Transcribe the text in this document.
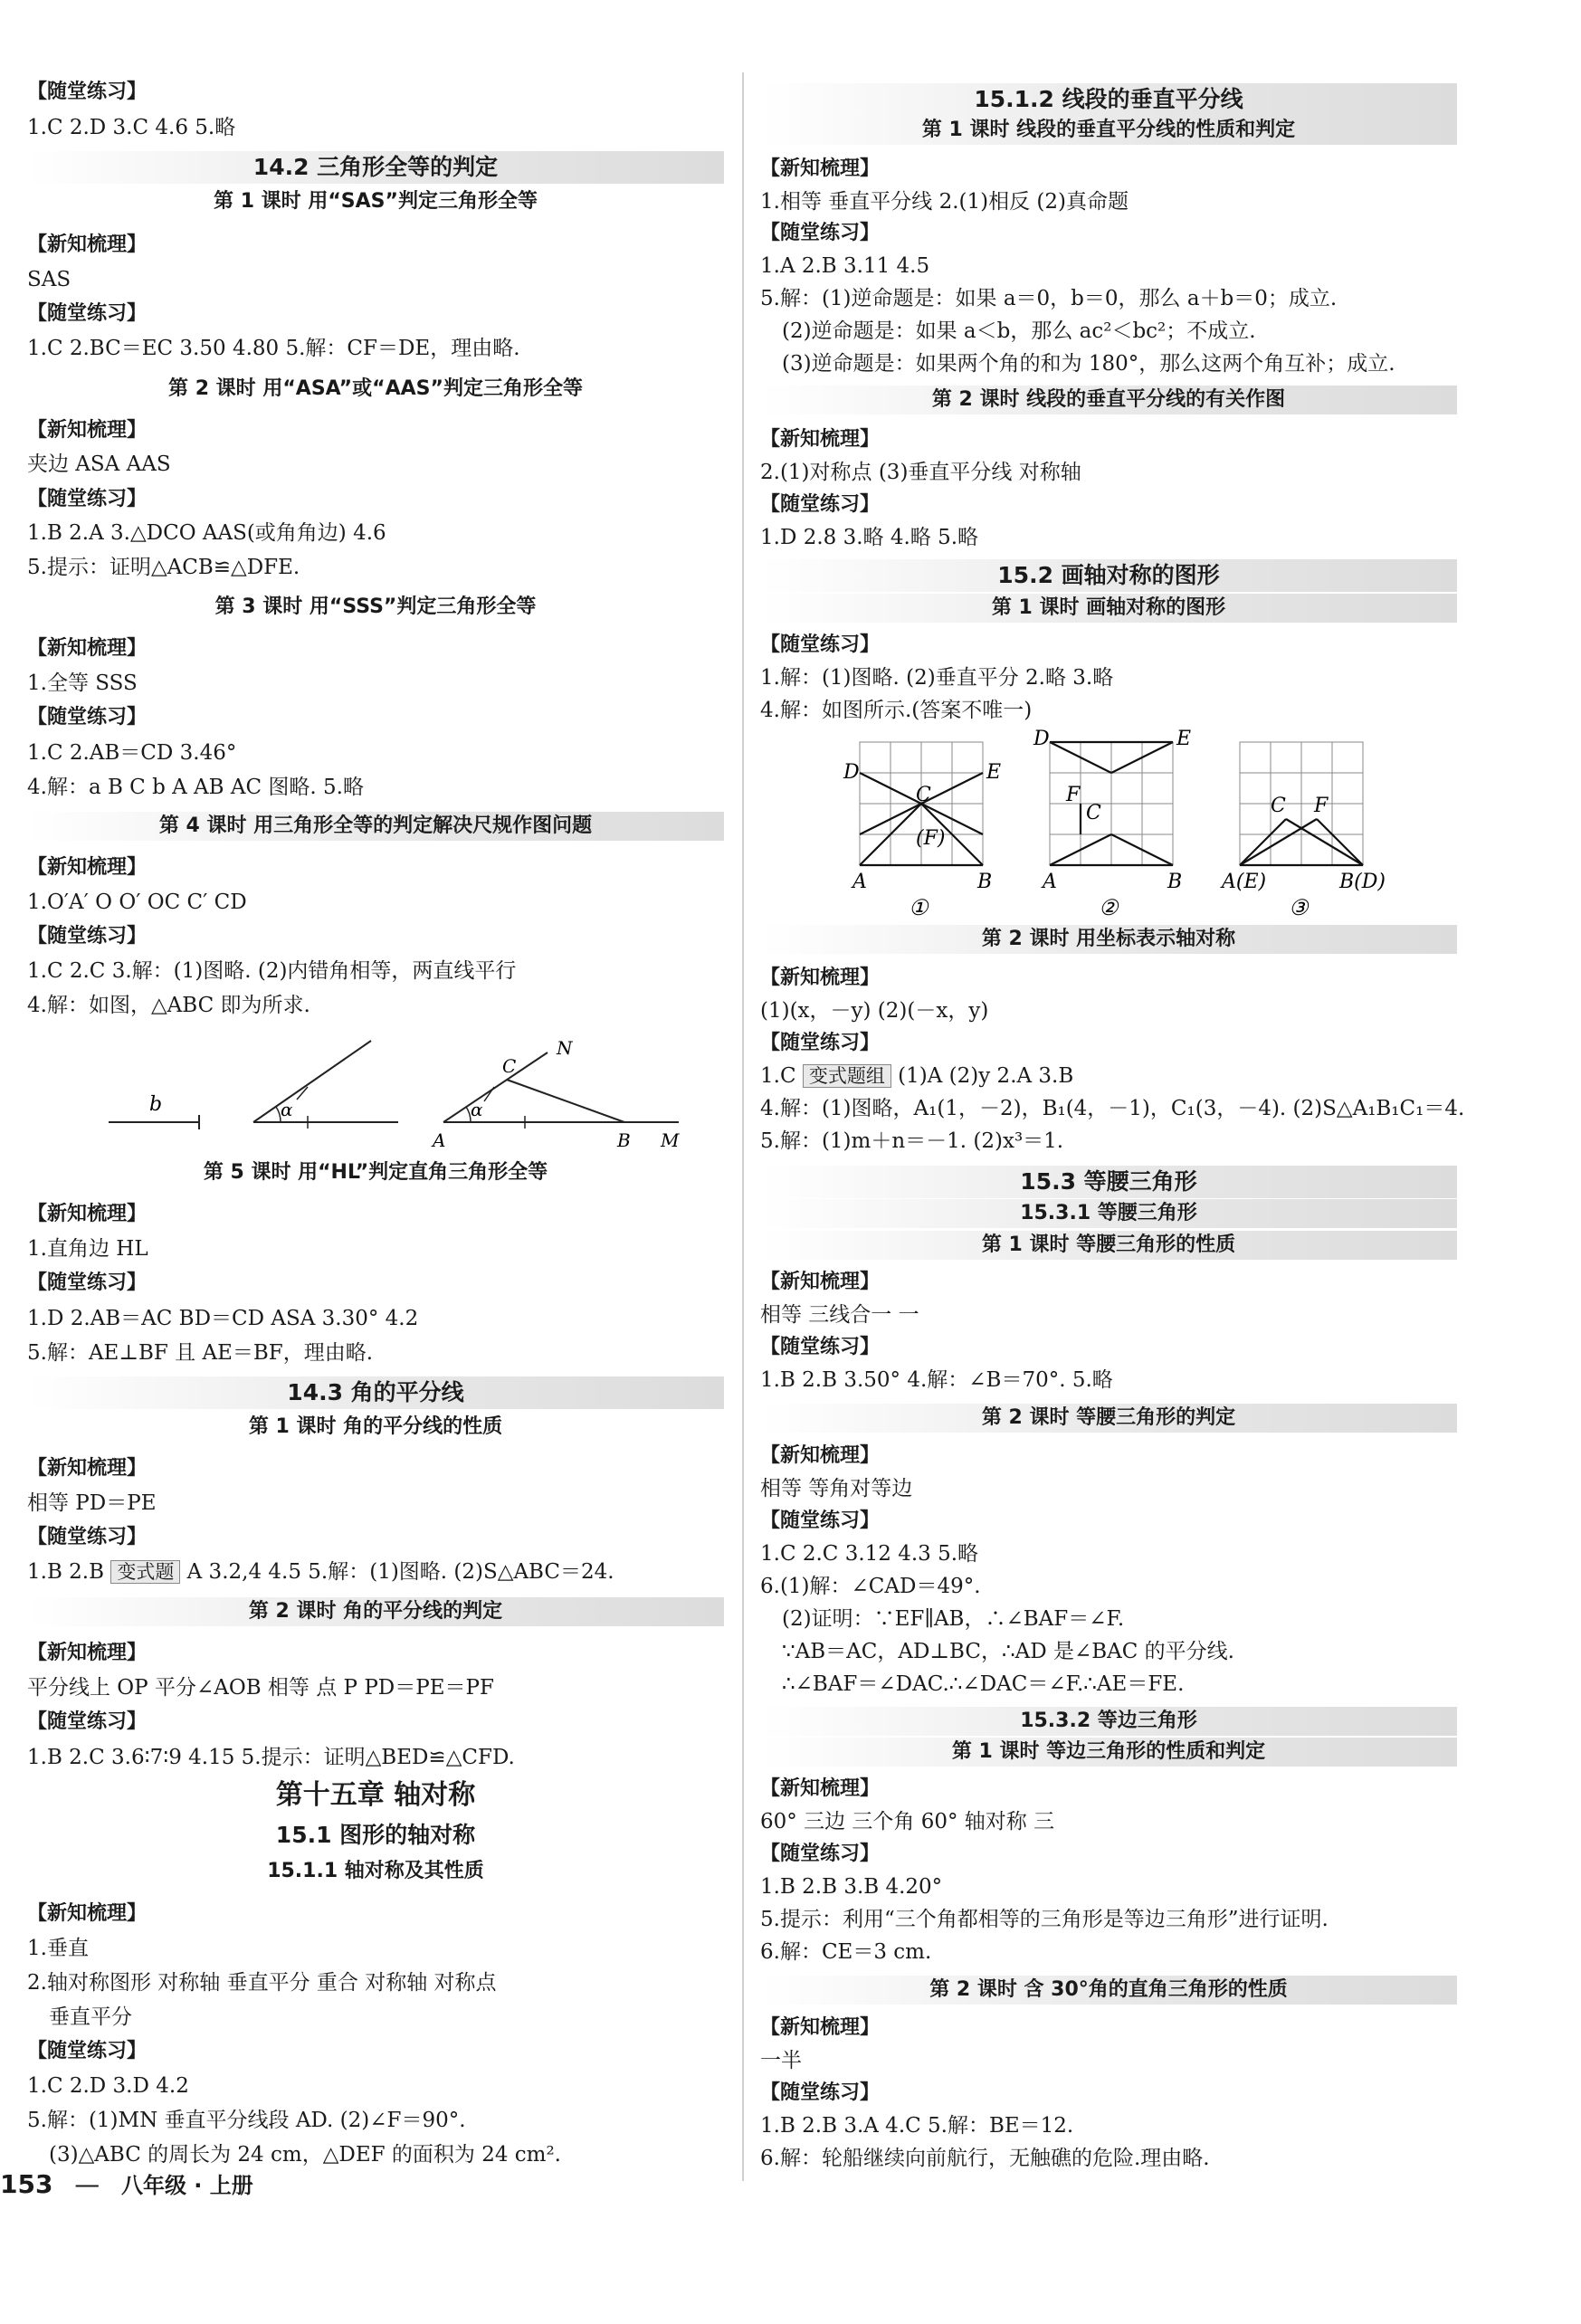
【随堂练习】
1.C 2.D 3.C 4.6 5.略
14.2 三角形全等的判定
第 1 课时 用“SAS”判定三角形全等
【新知梳理】
SAS
【随堂练习】
1.C 2.BC＝EC 3.50 4.80 5.解：CF＝DE，理由略.
第 2 课时 用“ASA”或“AAS”判定三角形全等
【新知梳理】
夹边 ASA AAS
【随堂练习】
1.B 2.A 3.△DCO AAS(或角角边) 4.6
5.提示：证明△ACB≌△DFE.
第 3 课时 用“SSS”判定三角形全等
【新知梳理】
1.全等 SSS
【随堂练习】
1.C 2.AB＝CD 3.46°
4.解：a B C b A AB AC 图略. 5.略
第 4 课时 用三角形全等的判定解决尺规作图问题
【新知梳理】
1.O′A′ O O′ OC C′ CD
【随堂练习】
1.C 2.C 3.解：(1)图略. (2)内错角相等，两直线平行
4.解：如图，△ABC 即为所求.
b	α	α
A	B M
C
N
第 5 课时 用“HL”判定直角三角形全等
【新知梳理】
1.直角边 HL
【随堂练习】
1.D 2.AB＝AC BD＝CD ASA 3.30° 4.2
5.解：AE⊥BF 且 AE＝BF，理由略.
14.3 角的平分线
第 1 课时 角的平分线的性质
【新知梳理】
相等 PD＝PE
【随堂练习】
1.B 2.B 变式题 A 3.2,4 4.5 5.解：(1)图略. (2)S△ABC＝24.
第 2 课时 角的平分线的判定
【新知梳理】
平分线上 OP 平分∠AOB 相等 点 P PD＝PE＝PF
【随堂练习】
1.B 2.C 3.6∶7∶9 4.15 5.提示：证明△BED≌△CFD.
第十五章 轴对称
15.1 图形的轴对称
15.1.1 轴对称及其性质
【新知梳理】
1.垂直
2.轴对称图形 对称轴 垂直平分 重合 对称轴 对称点
垂直平分
【随堂练习】
1.C 2.D 3.D 4.2
5.解：(1)MN 垂直平分线段 AD. (2)∠F＝90°.
(3)△ABC 的周长为 24 cm，△DEF 的面积为 24 cm².
15.1.2 线段的垂直平分线
第 1 课时 线段的垂直平分线的性质和判定
【新知梳理】
1.相等 垂直平分线 2.(1)相反 (2)真命题
【随堂练习】
1.A 2.B 3.11 4.5
5.解：(1)逆命题是：如果 a＝0，b＝0，那么 a＋b＝0；成立.
(2)逆命题是：如果 a＜b，那么 ac²＜bc²；不成立.
(3)逆命题是：如果两个角的和为 180°，那么这两个角互补；成立.
第 2 课时 线段的垂直平分线的有关作图
【新知梳理】
2.(1)对称点 (3)垂直平分线 对称轴
【随堂练习】
1.D 2.8 3.略 4.略 5.略
15.2 画轴对称的图形
第 1 课时 画轴对称的图形
【随堂练习】
1.解：(1)图略. (2)垂直平分 2.略 3.略
4.解：如图所示.(答案不唯一)
D	E
C
(F)
A	B
①
D	E
F
C
A	B
②
C F
A(E)	B(D)
③
第 2 课时 用坐标表示轴对称
【新知梳理】
(1)(x，－y) (2)(－x，y)
【随堂练习】
1.C 变式题组 (1)A (2)y 2.A 3.B
4.解：(1)图略，A₁(1，－2)，B₁(4，－1)，C₁(3，－4). (2)S△A₁B₁C₁＝4.
5.解：(1)m＋n＝－1. (2)x³＝1.
15.3 等腰三角形
15.3.1 等腰三角形
第 1 课时 等腰三角形的性质
【新知梳理】
相等 三线合一 一
【随堂练习】
1.B 2.B 3.50° 4.解：∠B＝70°. 5.略
第 2 课时 等腰三角形的判定
【新知梳理】
相等 等角对等边
【随堂练习】
1.C 2.C 3.12 4.3 5.略
6.(1)解：∠CAD＝49°.
(2)证明：∵EF∥AB，∴∠BAF＝∠F.
∵AB＝AC，AD⊥BC，∴AD 是∠BAC 的平分线.
∴∠BAF＝∠DAC.∴∠DAC＝∠F.∴AE＝FE.
15.3.2 等边三角形
第 1 课时 等边三角形的性质和判定
【新知梳理】
60° 三边 三个角 60° 轴对称 三
【随堂练习】
1.B 2.B 3.B 4.20°
5.提示：利用“三个角都相等的三角形是等边三角形”进行证明.
6.解：CE＝3 cm.
第 2 课时 含 30°角的直角三角形的性质
【新知梳理】
一半
【随堂练习】
1.B 2.B 3.A 4.C 5.解：BE＝12.
6.解：轮船继续向前航行，无触礁的危险.理由略.
153 — 八年级 · 上册
